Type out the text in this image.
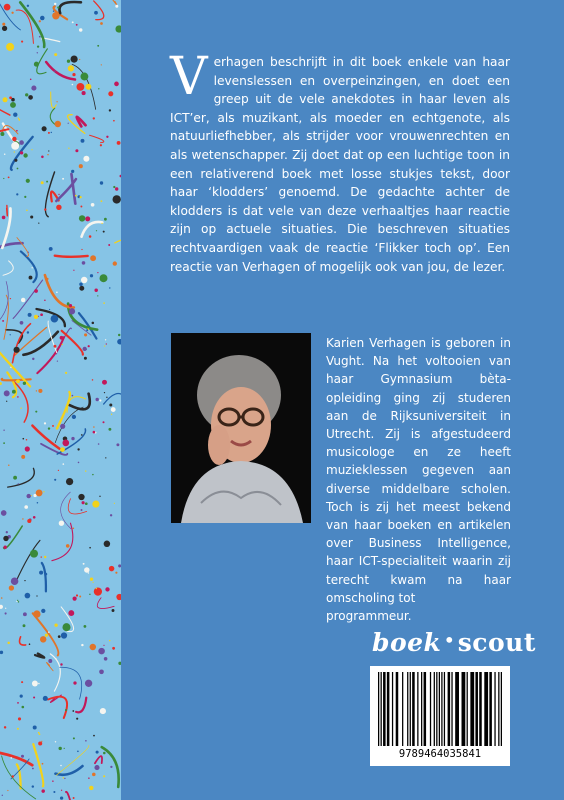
V erhagen beschrijft in dit boek enkele van haar levenslessen en overpeinzingen, en doet een greep uit de vele anekdotes in haar leven als ICT’er, als muzikant, als moeder en echtgenote, als natuurliefhebber, als strijder voor vrouwenrechten en als wetenschapper. Zij doet dat op een luchtige toon in een relativerend boek met losse stukjes tekst, door haar ‘klodders’ genoemd. De gedachte achter de klodders is dat vele van deze verhaaltjes haar reactie zijn op actuele situaties. Die beschreven situaties rechtvaardigen vaak de reactie ‘Flikker toch op’. Een reactie van Verhagen of mogelijk ook van jou, de lezer.
Karien Verhagen is geboren in Vught. Na het voltooien van haar Gymnasium bèta-opleiding ging zij studeren aan de Rijksuniversiteit in Utrecht. Zij is afgestudeerd musicologe en ze heeft muzieklessen gegeven aan diverse middelbare scholen. Toch is zij het meest bekend van haar boeken en artikelen over Business Intelligence, haar ICT-specialiteit waarin zij terecht kwam na haar omscholing tot
programmeur.
boek •scout
9789464035841
